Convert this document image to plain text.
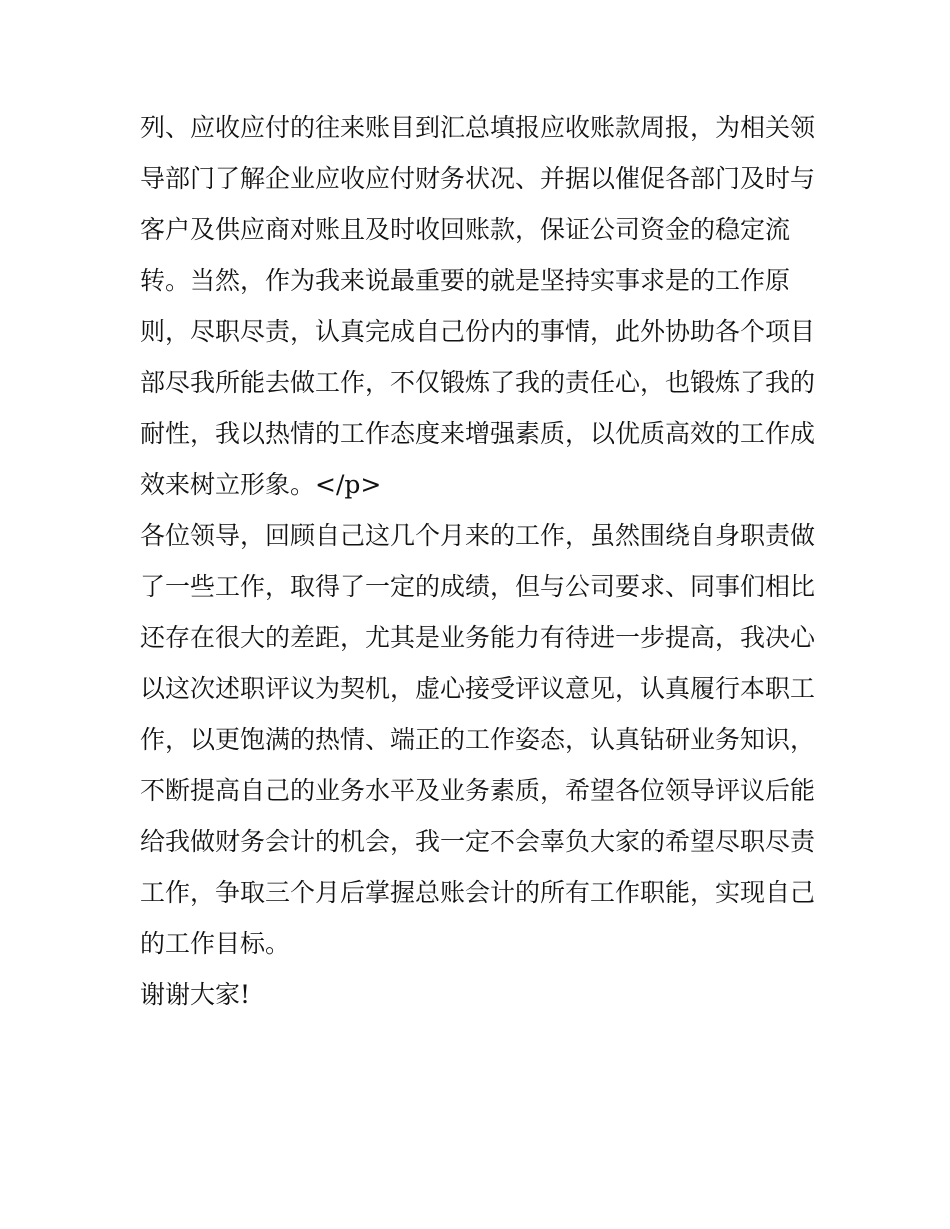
列、应收应付的往来账目到汇总填报应收账款周报，为相关领
导部门了解企业应收应付财务状况、并据以催促各部门及时与
客户及供应商对账且及时收回账款，保证公司资金的稳定流
转。当然，作为我来说最重要的就是坚持实事求是的工作原
则，尽职尽责，认真完成自己份内的事情，此外协助各个项目
部尽我所能去做工作，不仅锻炼了我的责任心，也锻炼了我的
耐性，我以热情的工作态度来增强素质，以优质高效的工作成
效来树立形象。</p>
各位领导，回顾自己这几个月来的工作，虽然围绕自身职责做
了一些工作，取得了一定的成绩，但与公司要求、同事们相比
还存在很大的差距，尤其是业务能力有待进一步提高，我决心
以这次述职评议为契机，虚心接受评议意见，认真履行本职工
作，以更饱满的热情、端正的工作姿态，认真钻研业务知识，
不断提高自己的业务水平及业务素质，希望各位领导评议后能
给我做财务会计的机会，我一定不会辜负大家的希望尽职尽责
工作，争取三个月后掌握总账会计的所有工作职能，实现自己
的工作目标。
谢谢大家!
